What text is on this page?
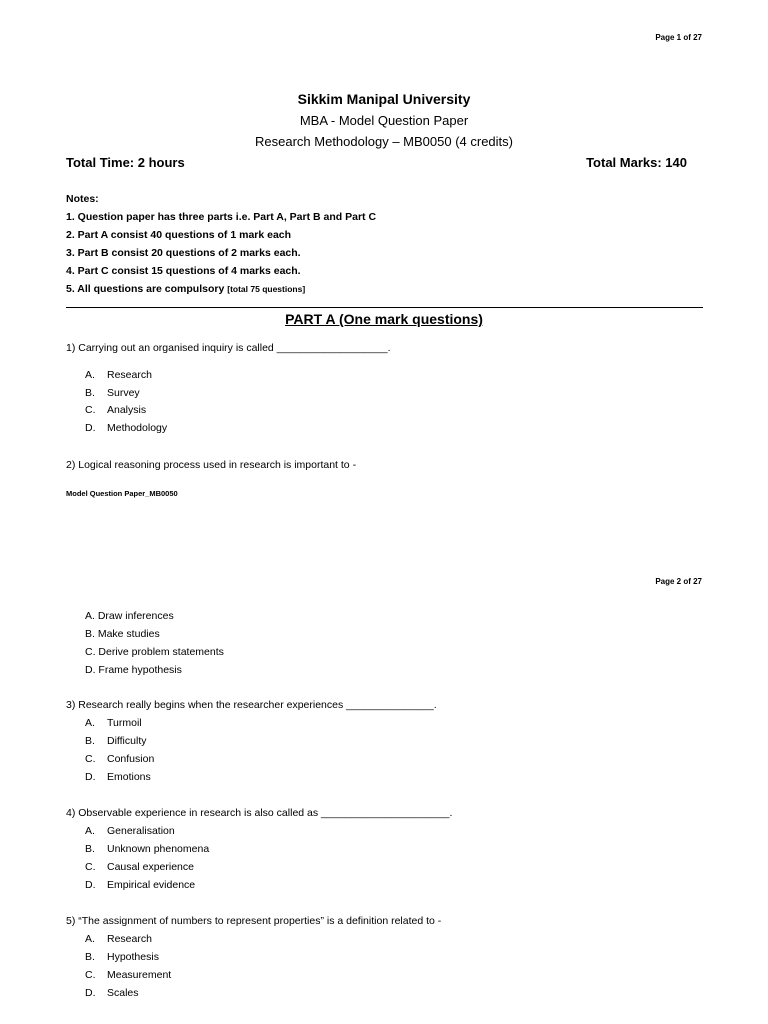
Page 1 of 27
Sikkim Manipal University
MBA - Model Question Paper
Research Methodology – MB0050 (4 credits)
Total Time: 2 hours	Total Marks: 140
Notes:
1. Question paper has three parts i.e. Part A, Part B and Part C
2. Part A consist 40 questions of 1 mark each
3. Part B consist 20 questions of 2 marks each.
4. Part C consist 15 questions of 4 marks each.
5. All questions are compulsory [total 75 questions]
PART A (One mark questions)
1) Carrying out an organised inquiry is called ___________________.
A. Research
B. Survey
C. Analysis
D. Methodology
2) Logical reasoning process used in research is important to -
Model Question Paper_MB0050
Page 2 of 27
A. Draw inferences
B. Make studies
C. Derive problem statements
D. Frame hypothesis
3) Research really begins when the researcher experiences _______________.
A. Turmoil
B. Difficulty
C. Confusion
D. Emotions
4) Observable experience in research is also called as ______________________.
A. Generalisation
B. Unknown phenomena
C. Causal experience
D. Empirical evidence
5) “The assignment of numbers to represent properties” is a definition related to -
A. Research
B. Hypothesis
C. Measurement
D. Scales
